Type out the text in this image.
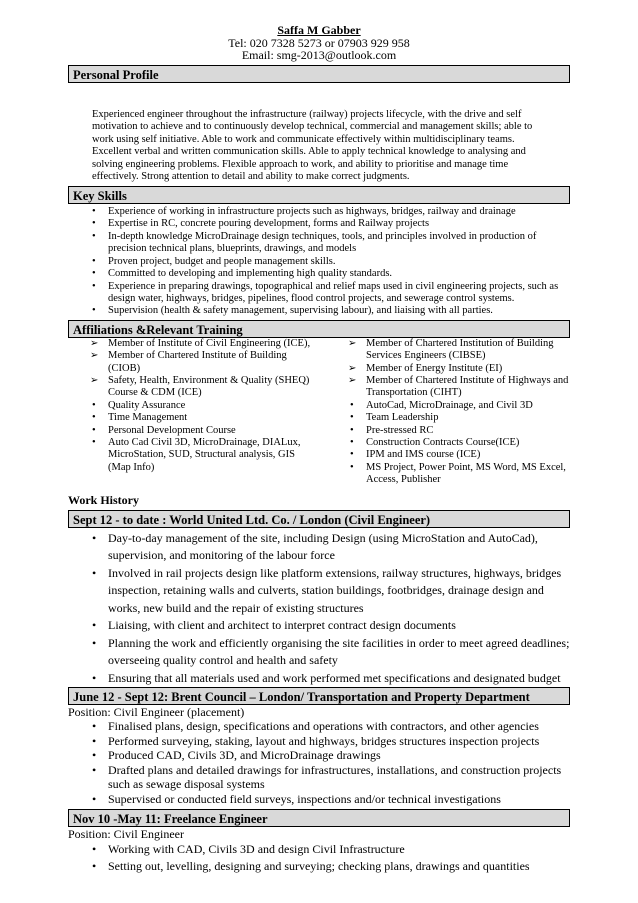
Saffa M Gabber
Tel: 020 7328 5273 or 07903 929 958
Email: smg-2013@outlook.com
Personal Profile
Experienced engineer throughout the infrastructure (railway) projects lifecycle, with the drive and self
motivation to achieve and to continuously develop technical, commercial and management skills; able to
work using self initiative. Able to work and communicate effectively within multidisciplinary teams.
Excellent verbal and written communication skills. Able to apply technical knowledge to analysing and
solving engineering problems. Flexible approach to work, and ability to prioritise and manage time
effectively. Strong attention to detail and ability to make correct judgments.
Key Skills
• Experience of working in infrastructure projects such as highways, bridges, railway and drainage
• Expertise in RC, concrete pouring development, forms and Railway projects
• In-depth knowledge MicroDrainage design techniques, tools, and principles involved in production of precision technical plans, blueprints, drawings, and models
• Proven project, budget and people management skills.
• Committed to developing and implementing high quality standards.
• Experience in preparing drawings, topographical and relief maps used in civil engineering projects, such as design water, highways, bridges, pipelines, flood control projects, and sewerage control systems.
• Supervision (health & safety management, supervising labour), and liaising with all parties.
Affiliations &Relevant Training
➢ Member of Institute of Civil Engineering (ICE),
➢ Member of Chartered Institute of Building (CIOB)
➢ Safety, Health, Environment & Quality (SHEQ) Course & CDM (ICE)
• Quality Assurance
• Time Management
• Personal Development Course
• Auto Cad Civil 3D, MicroDrainage, DIALux, MicroStation, SUD, Structural analysis, GIS (Map Info)
➢ Member of Chartered Institution of Building Services Engineers (CIBSE)
➢ Member of Energy Institute (EI)
➢ Member of Chartered Institute of Highways and Transportation (CIHT)
• AutoCad, MicroDrainage, and Civil 3D
• Team Leadership
• Pre-stressed RC
• Construction Contracts Course(ICE)
• IPM and IMS course (ICE)
• MS Project, Power Point, MS Word, MS Excel, Access, Publisher
Work History
Sept 12 - to date : World United Ltd. Co. / London (Civil Engineer)
• Day-to-day management of the site, including Design (using MicroStation and AutoCad), supervision, and monitoring of the labour force
• Involved in rail projects design like platform extensions, railway structures, highways, bridges inspection, retaining walls and culverts, station buildings, footbridges, drainage design and works, new build and the repair of existing structures
• Liaising, with client and architect to interpret contract design documents
• Planning the work and efficiently organising the site facilities in order to meet agreed deadlines; overseeing quality control and health and safety
• Ensuring that all materials used and work performed met specifications and designated budget
June 12 - Sept 12: Brent Council – London/ Transportation and Property Department
Position: Civil Engineer (placement)
• Finalised plans, design, specifications and operations with contractors, and other agencies
• Performed surveying, staking, layout and highways, bridges structures inspection projects
• Produced CAD, Civils 3D, and MicroDrainage drawings
• Drafted plans and detailed drawings for infrastructures, installations, and construction projects such as sewage disposal systems
• Supervised or conducted field surveys, inspections and/or technical investigations
Nov 10 -May 11: Freelance Engineer
Position: Civil Engineer
• Working with CAD, Civils 3D and design Civil Infrastructure
• Setting out, levelling, designing and surveying; checking plans, drawings and quantities
